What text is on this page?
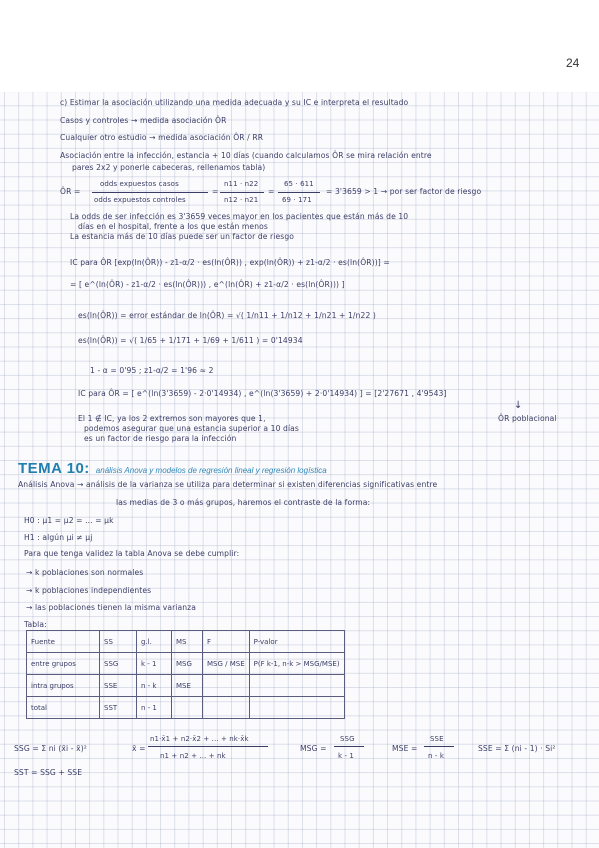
24
c) Estimar la asociación utilizando una medida adecuada y su IC e interpreta el resultado
Casos y controles → medida asociación ÔR
Cualquier otro estudio → medida asociación ÔR / RR
Asociación entre la infección, estancia + 10 días (cuando calculamos ÔR se mira relación entre
pares 2x2 y ponerle cabeceras, rellenamos tabla)
ÔR =
odds expuestos casos
odds expuestos controles
=
n11 · n22
n12 · n21
=
65 · 611
69 · 171
= 3'3659 > 1 → por ser factor de riesgo
La odds de ser infección es 3'3659 veces mayor en los pacientes que están más de 10
días en el hospital, frente a los que están menos
La estancia más de 10 días puede ser un factor de riesgo
IC para ÔR [exp(ln(ÔR)) - z1-α/2 · es(ln(ÔR)) , exp(ln(ÔR)) + z1-α/2 · es(ln(ÔR))] =
= [ e^(ln(ÔR) - z1-α/2 · es(ln(ÔR))) , e^(ln(ÔR) + z1-α/2 · es(ln(ÔR))) ]
es(ln(ÔR)) = error estándar de ln(ÔR) = √( 1/n11 + 1/n12 + 1/n21 + 1/n22 )
es(ln(ÔR)) = √( 1/65 + 1/171 + 1/69 + 1/611 ) = 0'14934
1 - α = 0'95 ; z1-α/2 = 1'96 ≈ 2
IC para ÔR = [ e^(ln(3'3659) - 2·0'14934) , e^(ln(3'3659) + 2·0'14934) ] = [2'27671 , 4'9543]
↓
El 1 ∉ IC, ya los 2 extremos son mayores que 1,	ÔR poblacional
podemos asegurar que una estancia superior a 10 días
es un factor de riesgo para la infección
TEMA 10: análisis Anova y modelos de regresión lineal y regresión logística
Análisis Anova → análisis de la varianza se utiliza para determinar si existen diferencias significativas entre
las medias de 3 o más grupos, haremos el contraste de la forma:
H0 : μ1 = μ2 = ... = μk
H1 : algún μi ≠ μj
Para que tenga validez la tabla Anova se debe cumplir:
→ k poblaciones son normales
→ k poblaciones independientes
→ las poblaciones tienen la misma varianza
Tabla:
Fuente	SS	g.l.	MS	F	P-valor
entre grupos	SSG	k - 1	MSG	MSG / MSE	P(F k-1, n-k > MSG/MSE)
intra grupos	SSE	n - k	MSE		
total	SST	n - 1			
SSG = Σ ni (x̄i - x̄)²	x̄ =
n1·x̄1 + n2·x̄2 + ... + nk·x̄k
n1 + n2 + ... + nk
MSG =
SSG
k - 1
MSE =
SSE
n - k
SSE = Σ (ni - 1) · Si²
SST = SSG + SSE
